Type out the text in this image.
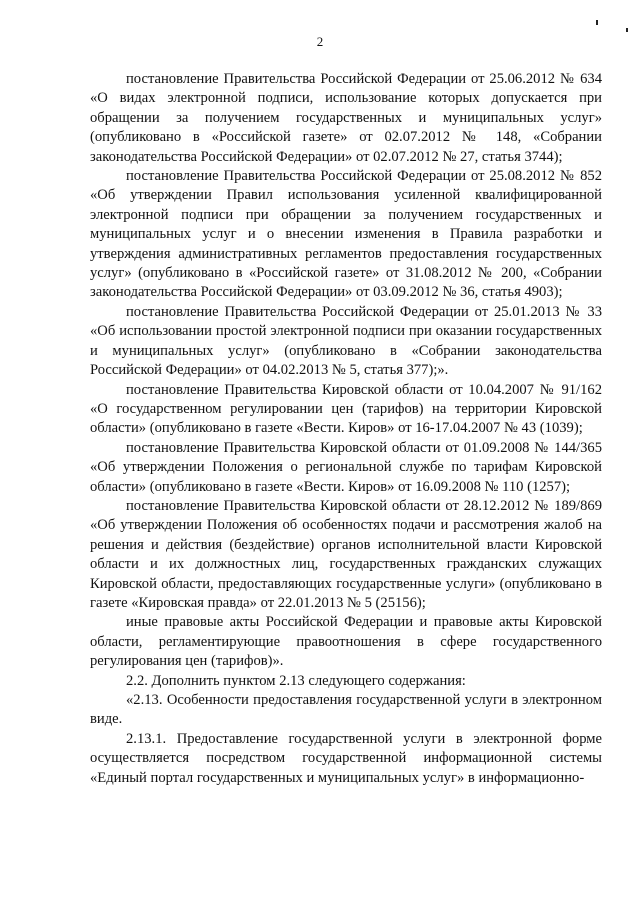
2

постановление Правительства Российской Федерации от 25.06.2012 № 634 «О видах электронной подписи, использование которых допускается при обращении за получением государственных и муниципальных услуг» (опубликовано в «Российской газете» от 02.07.2012 № 148, «Собрании законодательства Российской Федерации» от 02.07.2012 № 27, статья 3744);

постановление Правительства Российской Федерации от 25.08.2012 № 852 «Об утверждении Правил использования усиленной квалифицированной электронной подписи при обращении за получением государственных и муниципальных услуг и о внесении изменения в Правила разработки и утверждения административных регламентов предоставления государственных услуг» (опубликовано в «Российской газете» от 31.08.2012 № 200, «Собрании законодательства Российской Федерации» от 03.09.2012 № 36, статья 4903);

постановление Правительства Российской Федерации от 25.01.2013 № 33 «Об использовании простой электронной подписи при оказании государственных и муниципальных услуг» (опубликовано в «Собрании законодательства Российской Федерации» от 04.02.2013 № 5, статья 377);».

постановление Правительства Кировской области от 10.04.2007 № 91/162 «О государственном регулировании цен (тарифов) на территории Кировской области» (опубликовано в газете «Вести. Киров» от 16-17.04.2007 № 43 (1039);

постановление Правительства Кировской области от 01.09.2008 № 144/365 «Об утверждении Положения о региональной службе по тарифам Кировской области» (опубликовано в газете «Вести. Киров» от 16.09.2008 № 110 (1257);

постановление Правительства Кировской области от 28.12.2012 № 189/869 «Об утверждении Положения об особенностях подачи и рассмотрения жалоб на решения и действия (бездействие) органов исполнительной власти Кировской области и их должностных лиц, государственных гражданских служащих Кировской области, предоставляющих государственные услуги» (опубликовано в газете «Кировская правда» от 22.01.2013 № 5 (25156);

иные правовые акты Российской Федерации и правовые акты Кировской области, регламентирующие правоотношения в сфере государственного регулирования цен (тарифов)».

2.2. Дополнить пунктом 2.13 следующего содержания:

«2.13. Особенности предоставления государственной услуги в электронном виде.

2.13.1. Предоставление государственной услуги в электронной форме осуществляется посредством государственной информационной системы «Единый портал государственных и муниципальных услуг» в информационно-
